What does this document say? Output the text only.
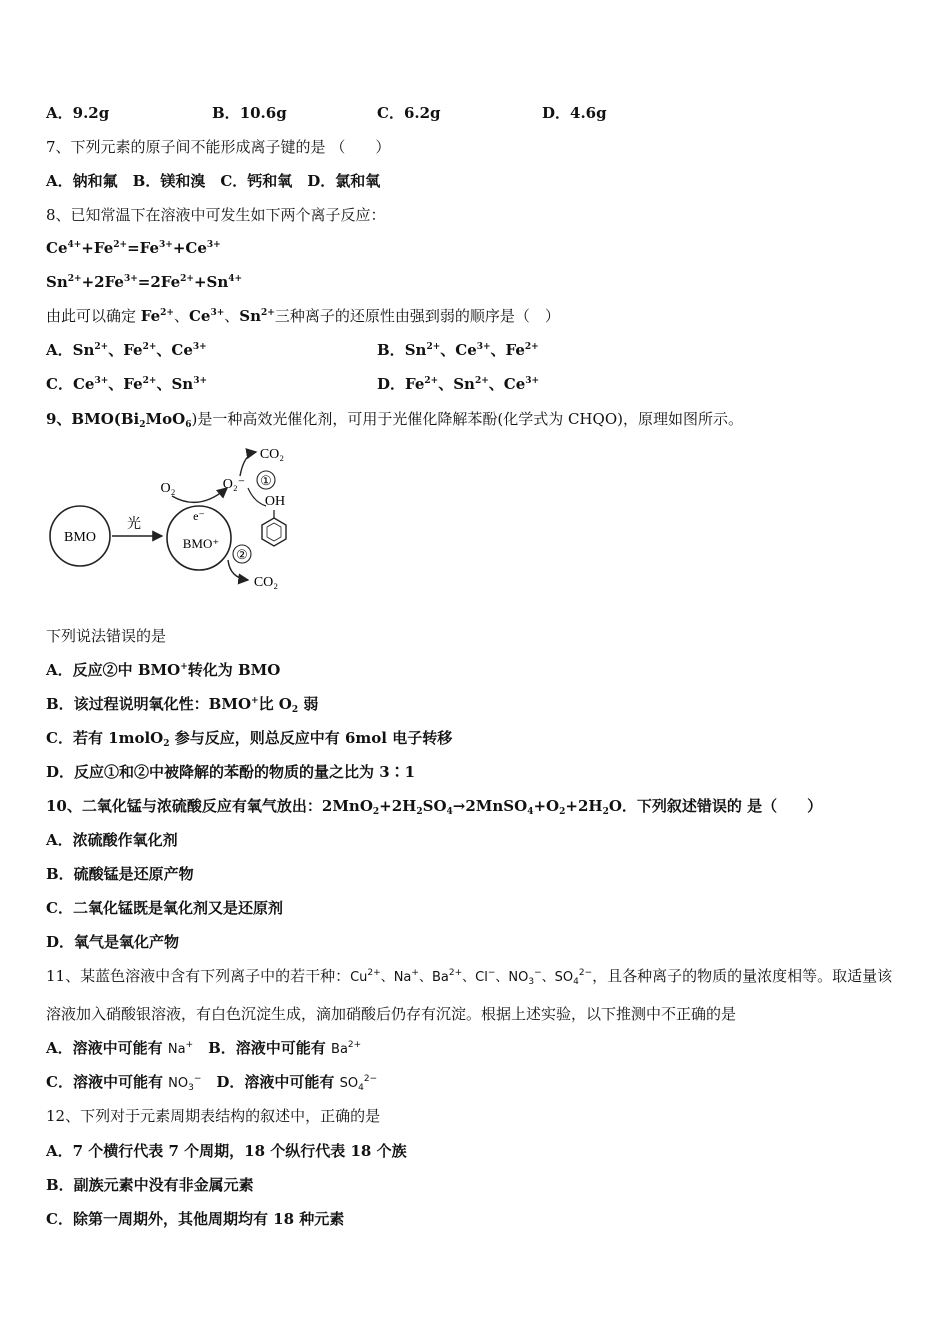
A．9.2g	B．10.6g	C．6.2g	D．4.6g
7、下列元素的原子间不能形成离子键的是 （　　）
A．钠和氟　B．镁和溴　C．钙和氧　D．氯和氧
8、已知常温下在溶液中可发生如下两个离子反应：
$Ce^{4+}+Fe^{2+}=Fe^{3+}+Ce^{3+}$
$Sn^{2+}+2Fe^{3+}=2Fe^{2+}+Sn^{4+}$
由此可以确定 $Fe^{2+}$、$Ce^{3+}$、$Sn^{2+}$三种离子的还原性由强到弱的顺序是（　）
A．$Sn^{2+}$、$Fe^{2+}$、$Ce^{3+}$	B．$Sn^{2+}$、$Ce^{3+}$、$Fe^{2+}$
C．$Ce^{3+}$、$Fe^{2+}$、$Sn^{3+}$	D．$Fe^{2+}$、$Sn^{2+}$、$Ce^{3+}$
9、$BMO(Bi_2MoO_6)$是一种高效光催化剂，可用于光催化降解苯酚(化学式为 CHQO)，原理如图所示。
BMO
光
BMO⁺
e⁻
O₂	O₂⁻
CO₂
①
OH
②
CO₂
下列说法错误的是
A．反应②中 BMO+转化为 BMO
B．该过程说明氧化性：BMO+比 $O_2$ 弱
C．若有 1molO$_2$ 参与反应，则总反应中有 6mol 电子转移
D．反应①和②中被降解的苯酚的物质的量之比为 3∶1
10、二氧化锰与浓硫酸反应有氧气放出：$2MnO_2+2H_2SO_4\to 2MnSO_4+O_2+2H_2O$．下列叙述错误的 是（　　）
A．浓硫酸作氧化剂
B．硫酸锰是还原产物
C．二氧化锰既是氧化剂又是还原剂
D．氧气是氧化产物
11、某蓝色溶液中含有下列离子中的若干种：$Cu^{2+}$、Na+、$Ba^{2+}$、Cl−、$NO_3^-$、$SO_4^{2-}$，且各种离子的物质的量浓度相等。取适量该
溶液加入硝酸银溶液，有白色沉淀生成，滴加硝酸后仍存有沉淀。根据上述实验，以下推测中不正确的是
A．溶液中可能有 Na+　B．溶液中可能有 $Ba^{2+}$
C．溶液中可能有 $NO_3^-$　D．溶液中可能有 $SO_4^{2-}$
12、下列对于元素周期表结构的叙述中，正确的是
A．7 个横行代表 7 个周期，18 个纵行代表 18 个族
B．副族元素中没有非金属元素
C．除第一周期外，其他周期均有 18 种元素
